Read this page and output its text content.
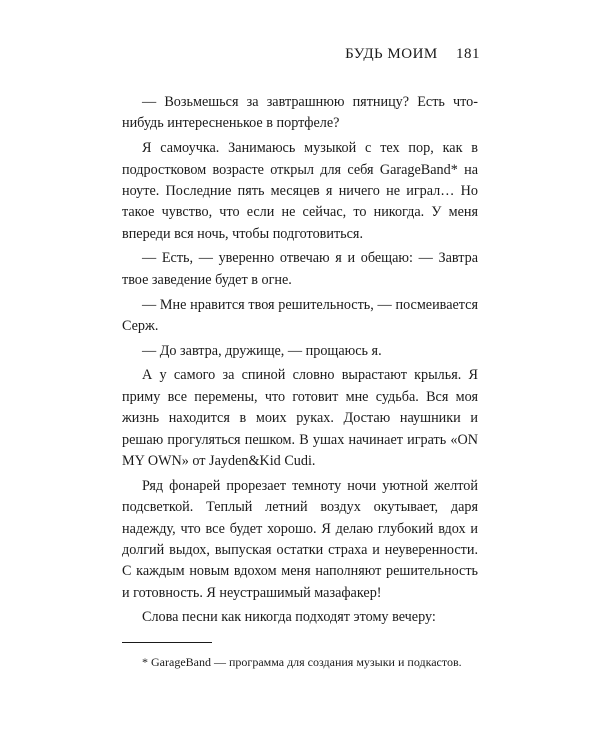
БУДЬ МОИМ 181

— Возьмешься за завтрашнюю пятницу? Есть что-нибудь интересненькое в портфеле?

Я самоучка. Занимаюсь музыкой с тех пор, как в подростковом возрасте открыл для себя GarageBand* на ноуте. Последние пять месяцев я ничего не играл… Но такое чувство, что если не сейчас, то никогда. У меня впереди вся ночь, чтобы подготовиться.

— Есть, — уверенно отвечаю я и обещаю: — Завтра твое заведение будет в огне.

— Мне нравится твоя решительность, — посмеивается Серж.

— До завтра, дружище, — прощаюсь я.

А у самого за спиной словно вырастают крылья. Я приму все перемены, что готовит мне судьба. Вся моя жизнь находится в моих руках. Достаю наушники и решаю прогуляться пешком. В ушах начинает играть «ON MY OWN» от Jayden&Kid Cudi.

Ряд фонарей прорезает темноту ночи уютной желтой подсветкой. Теплый летний воздух окутывает, даря надежду, что все будет хорошо. Я делаю глубокий вдох и долгий выдох, выпуская остатки страха и неуверенности. С каждым новым вдохом меня наполняют решительность и готовность. Я неустрашимый мазафакер!

Слова песни как никогда подходят этому вечеру:

* GarageBand — программа для создания музыки и подкастов.
